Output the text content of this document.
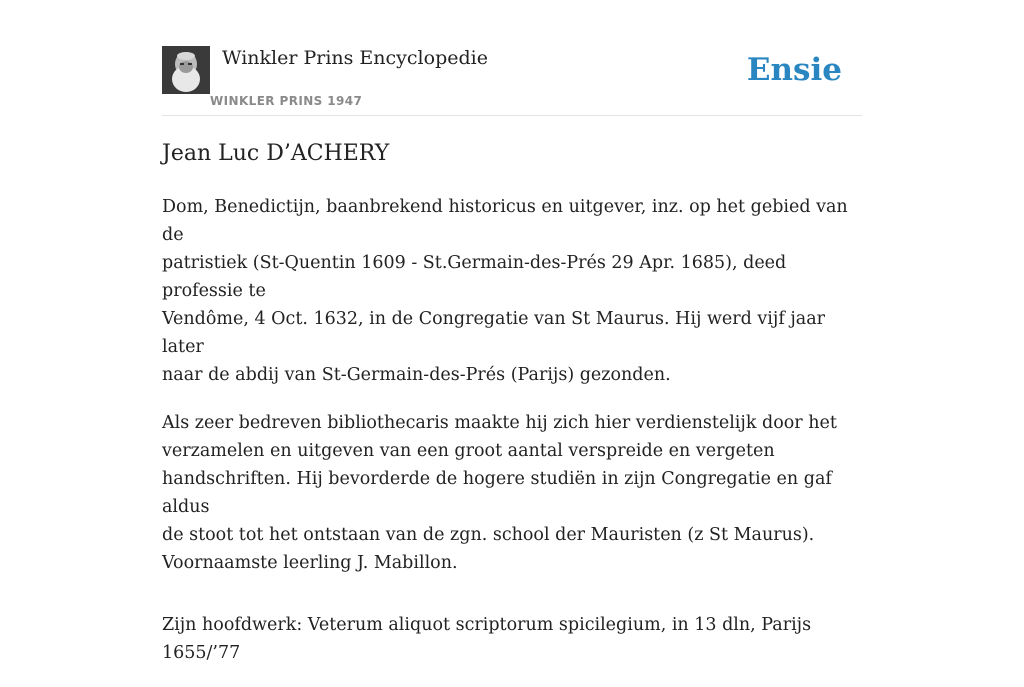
Winkler Prins Encyclopedie
WINKLER PRINS 1947
Ensie
Jean Luc D’ACHERY

Dom, Benedictijn, baanbrekend historicus en uitgever, inz. op het gebied van de
patristiek (St-Quentin 1609 - St.Germain-des-Prés 29 Apr. 1685), deed professie te
Vendôme, 4 Oct. 1632, in de Congregatie van St Maurus. Hij werd vijf jaar later
naar de abdij van St-Germain-des-Prés (Parijs) gezonden.

Als zeer bedreven bibliothecaris maakte hij zich hier verdienstelijk door het
verzamelen en uitgeven van een groot aantal verspreide en vergeten
handschriften. Hij bevorderde de hogere studiën in zijn Congregatie en gaf aldus
de stoot tot het ontstaan van de zgn. school der Mauristen (z St Maurus).
Voornaamste leerling J. Mabillon.

Zijn hoofdwerk: Veterum aliquot scriptorum spicilegium, in 13 dln, Parijs 1655/’77
